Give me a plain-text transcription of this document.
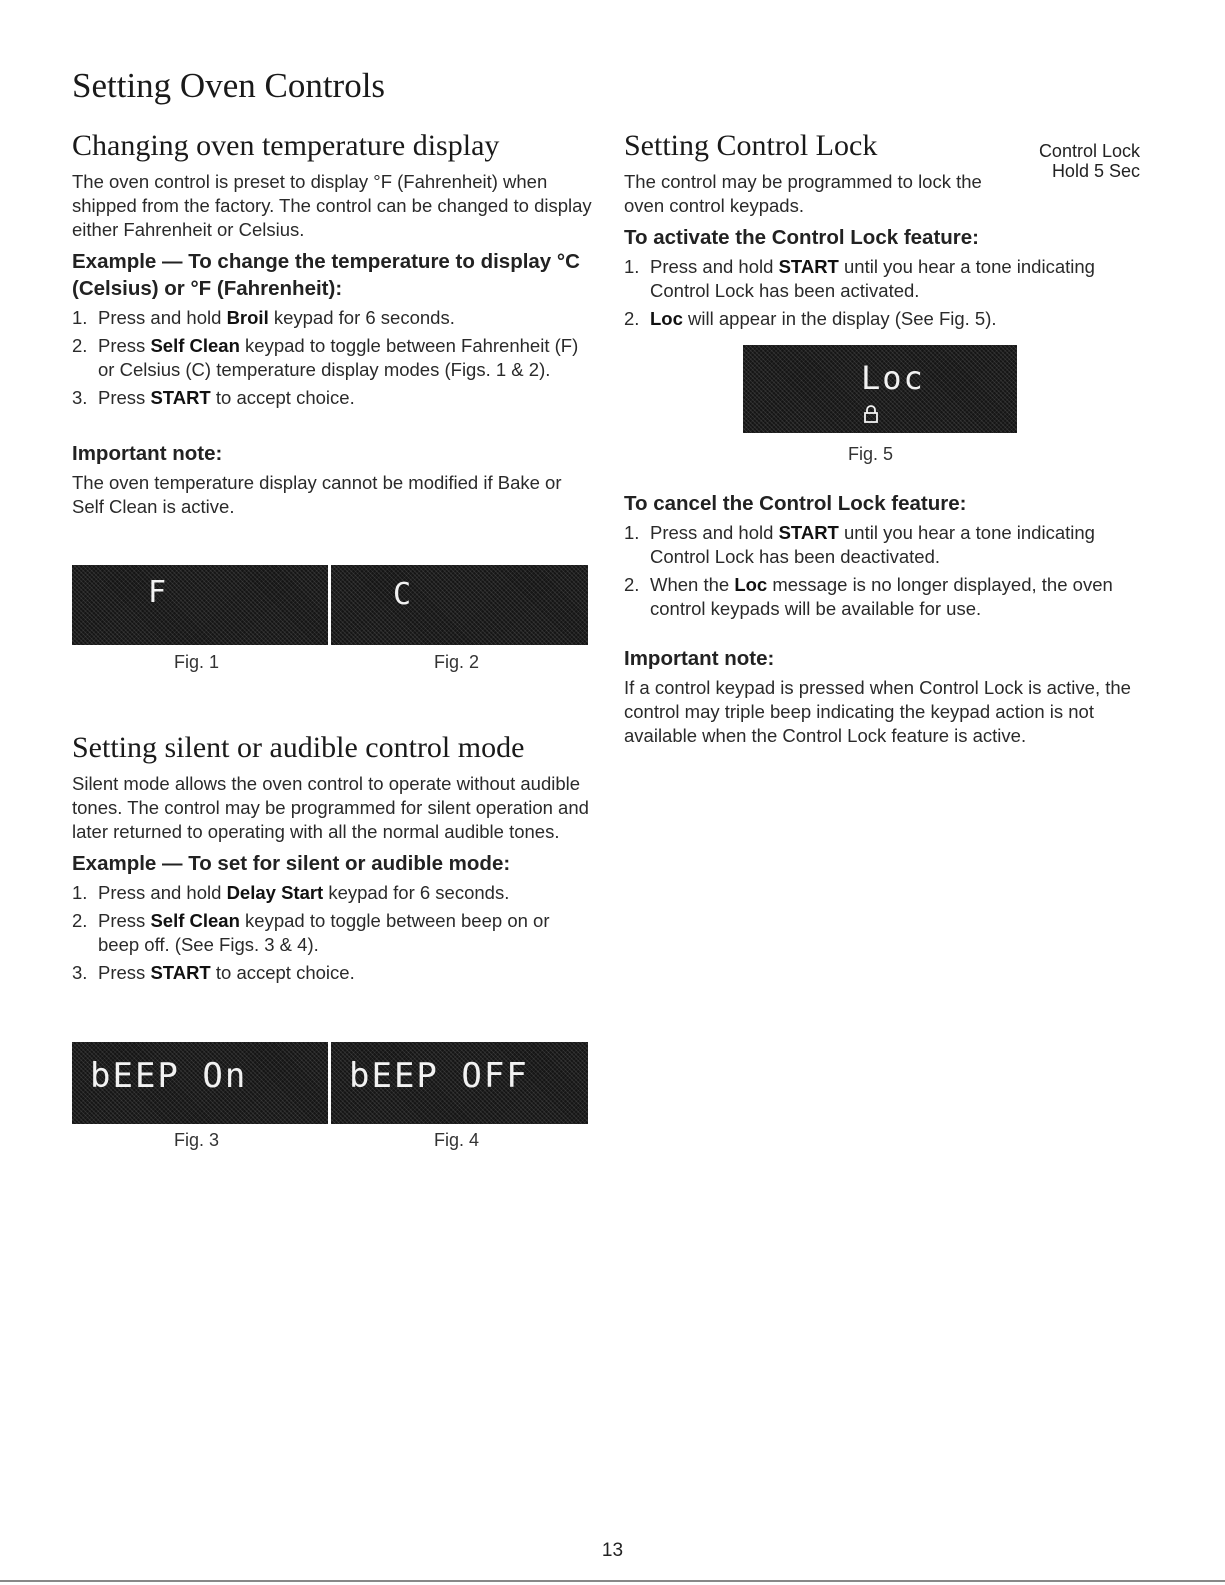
Setting Oven Controls
Changing oven temperature display

The oven control is preset to display °F (Fahrenheit) when shipped from the factory. The control can be changed to display either Fahrenheit or Celsius.

Example — To change the temperature to display °C (Celsius) or °F (Fahrenheit):
1. Press and hold Broil keypad for 6 seconds.
2. Press Self Clean keypad to toggle between Fahrenheit (F) or Celsius (C) temperature display modes (Figs. 1 & 2).
3. Press START to accept choice.
Important note:

The oven temperature display cannot be modified if Bake or Self Clean is active.

F	C
Fig. 1	Fig. 2
Setting silent or audible control mode

Silent mode allows the oven control to operate without audible tones. The control may be programmed for silent operation and later returned to operating with all the normal audible tones.

Example — To set for silent or audible mode:
1. Press and hold Delay Start keypad for 6 seconds.
2. Press Self Clean keypad to toggle between beep on or beep off. (See Figs. 3 & 4).
3. Press START to accept choice.
bEEP On	bEEP OFF
Fig. 3	Fig. 4
Control Lock
Hold 5 Sec
Setting Control Lock

The control may be programmed to lock the oven control keypads.

To activate the Control Lock feature:
1. Press and hold START until you hear a tone indicating Control Lock has been activated.
2. Loc will appear in the display (See Fig. 5).
Loc
Fig. 5
To cancel the Control Lock feature:
1. Press and hold START until you hear a tone indicating Control Lock has been deactivated.
2. When the Loc message is no longer displayed, the oven control keypads will be available for use.
Important note:

If a control keypad is pressed when Control Lock is active, the control may triple beep indicating the keypad action is not available when the Control Lock feature is active.

13
